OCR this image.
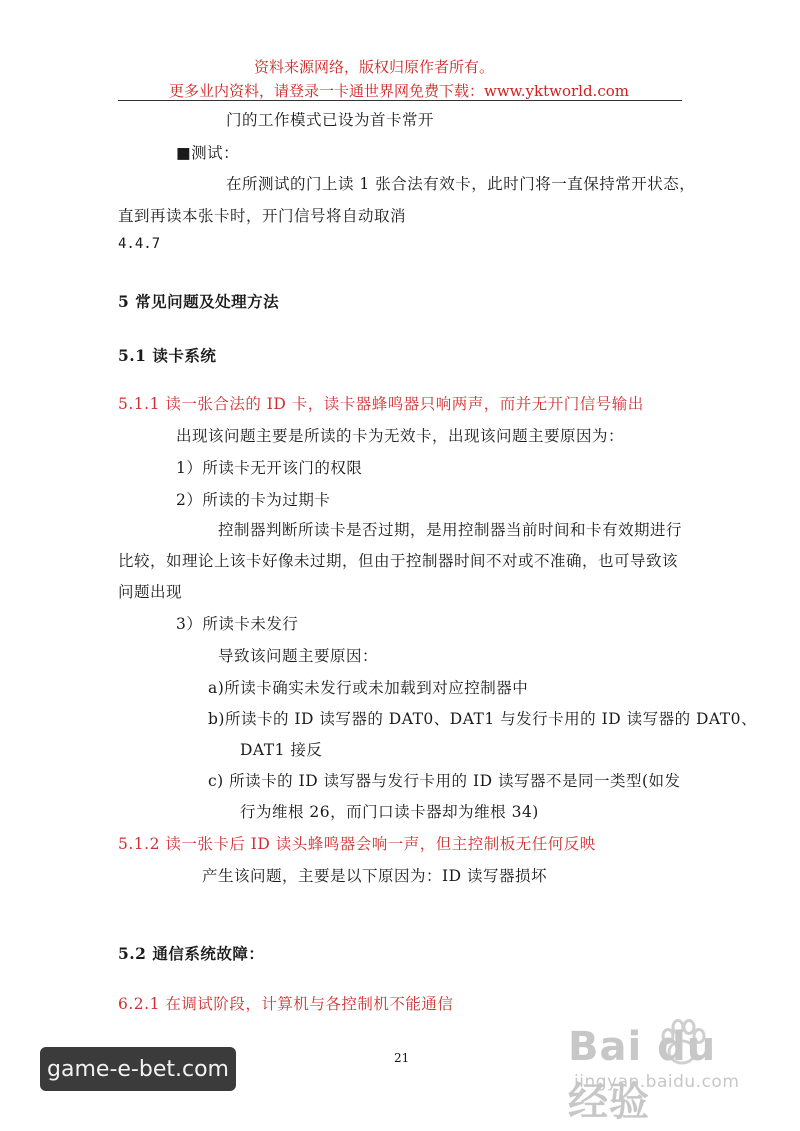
资料来源网络，版权归原作者所有。
更多业内资料，请登录一卡通世界网免费下载：www.yktworld.com
门的工作模式已设为首卡常开
■测试：
在所测试的门上读 1 张合法有效卡，此时门将一直保持常开状态，
直到再读本张卡时，开门信号将自动取消
4.4.7
5 常见问题及处理方法
5.1 读卡系统
5.1.1 读一张合法的 ID 卡，读卡器蜂鸣器只响两声，而并无开门信号输出
出现该问题主要是所读的卡为无效卡，出现该问题主要原因为：
1）所读卡无开该门的权限
2）所读的卡为过期卡
控制器判断所读卡是否过期，是用控制器当前时间和卡有效期进行
比较，如理论上该卡好像未过期，但由于控制器时间不对或不准确，也可导致该
问题出现
3）所读卡未发行
导致该问题主要原因：
a)所读卡确实未发行或未加载到对应控制器中
b)所读卡的 ID 读写器的 DAT0、DAT1 与发行卡用的 ID 读写器的 DAT0、
DAT1 接反
c) 所读卡的 ID 读写器与发行卡用的 ID 读写器不是同一类型(如发
行为维根 26，而门口读卡器却为维根 34)
5.1.2 读一张卡后 ID 读头蜂鸣器会响一声，但主控制板无任何反映
产生该问题，主要是以下原因为：ID 读写器损坏
5.2 通信系统故障：
6.2.1 在调试阶段，计算机与各控制机不能通信
21
game-e-bet.com	Bai du 经验
jingyan.baidu.com
